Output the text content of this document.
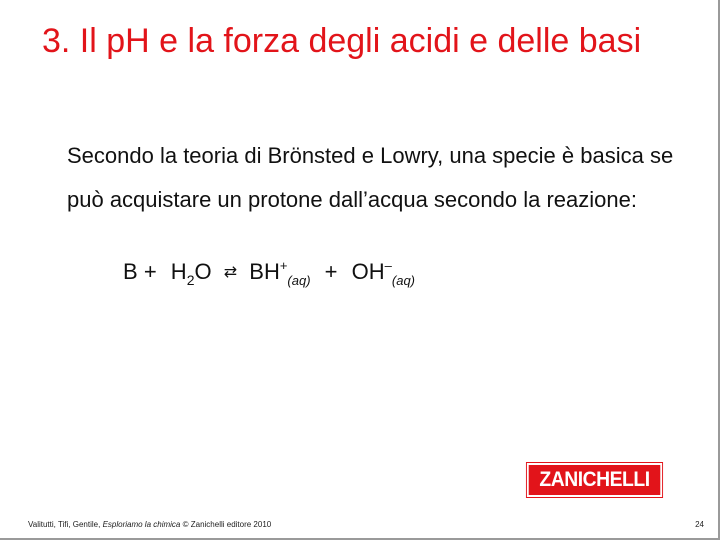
3. Il pH e la forza degli acidi e delle basi

Secondo la teoria di Brönsted e Lowry, una specie è basica se può acquistare un protone dall’acqua secondo la reazione:

$B + H_2O$ ⇄ $BH^+_{(aq)} + OH^-_{(aq)}$
ZANICHELLI
Valitutti, Tifi, Gentile, Esploriamo la chimica © Zanichelli editore 2010	24
